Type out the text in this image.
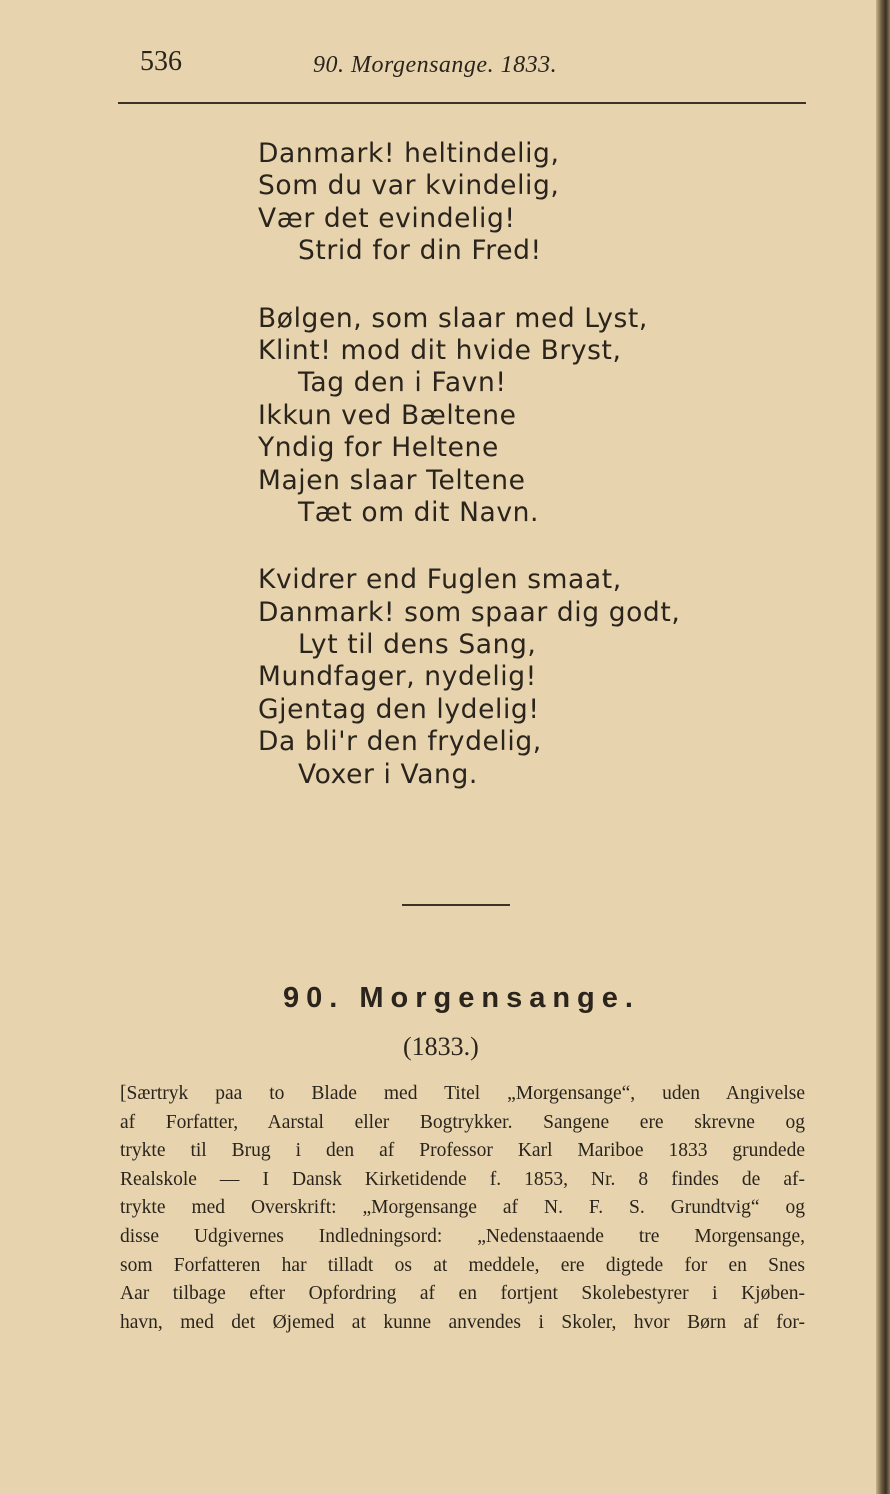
536	90. Morgensange. 1833.
Danmark! heltindelig,
Som du var kvindelig,
Vær det evindelig!
Strid for din Fred!
Bølgen, som slaar med Lyst,
Klint! mod dit hvide Bryst,
Tag den i Favn!
Ikkun ved Bæltene
Yndig for Heltene
Majen slaar Teltene
Tæt om dit Navn.
Kvidrer end Fuglen smaat,
Danmark! som spaar dig godt,
Lyt til dens Sang,
Mundfager, nydelig!
Gjentag den lydelig!
Da bli'r den frydelig,
Voxer i Vang.
90. Morgensange.
(1833.)
[Særtryk paa to Blade med Titel „Morgensange“, uden Angivelse
af Forfatter, Aarstal eller Bogtrykker. Sangene ere skrevne og
trykte til Brug i den af Professor Karl Mariboe 1833 grundede
Realskole — I Dansk Kirketidende f. 1853, Nr. 8 findes de af-
trykte med Overskrift: „Morgensange af N. F. S. Grundtvig“ og
disse Udgivernes Indledningsord: „Nedenstaaende tre Morgensange,
som Forfatteren har tilladt os at meddele, ere digtede for en Snes
Aar tilbage efter Opfordring af en fortjent Skolebestyrer i Kjøben-
havn, med det Øjemed at kunne anvendes i Skoler, hvor Børn af for-
